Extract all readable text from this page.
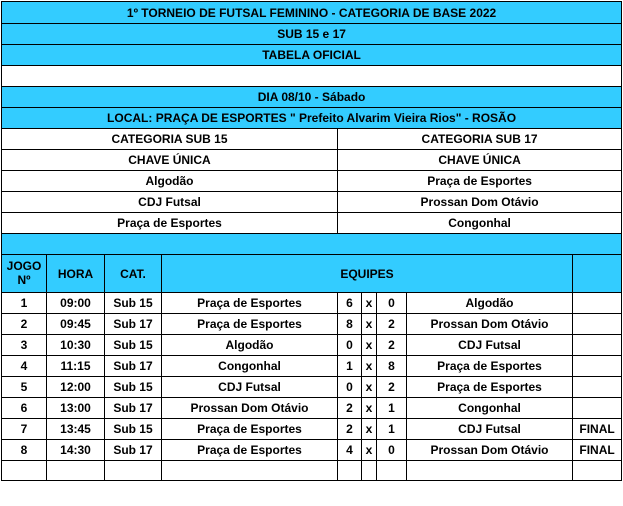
1º TORNEIO DE FUTSAL FEMININO - CATEGORIA DE BASE 2022								
SUB 15 e 17								
TABELA OFICIAL								

DIA 08/10 - Sábado								
LOCAL: PRAÇA DE ESPORTES " Prefeito Alvarim Vieira Rios" - ROSÃO								
CATEGORIA SUB 15				CATEGORIA SUB 17				
CHAVE ÚNICA				CHAVE ÚNICA				
Algodão				Praça de Esportes				
CDJ Futsal				Prossan Dom Otávio				
Praça de Esportes				Congonhal				

JOGO Nº	HORA	CAT.	EQUIPES					
1	09:00	Sub 15	Praça de Esportes	6	x	0	Algodão	
2	09:45	Sub 17	Praça de Esportes	8	x	2	Prossan Dom Otávio	
3	10:30	Sub 15	Algodão	0	x	2	CDJ Futsal	
4	11:15	Sub 17	Congonhal	1	x	8	Praça de Esportes	
5	12:00	Sub 15	CDJ Futsal	0	x	2	Praça de Esportes	
6	13:00	Sub 17	Prossan Dom Otávio	2	x	1	Congonhal	
7	13:45	Sub 15	Praça de Esportes	2	x	1	CDJ Futsal	FINAL
8	14:30	Sub 17	Praça de Esportes	4	x	0	Prossan Dom Otávio	FINAL
